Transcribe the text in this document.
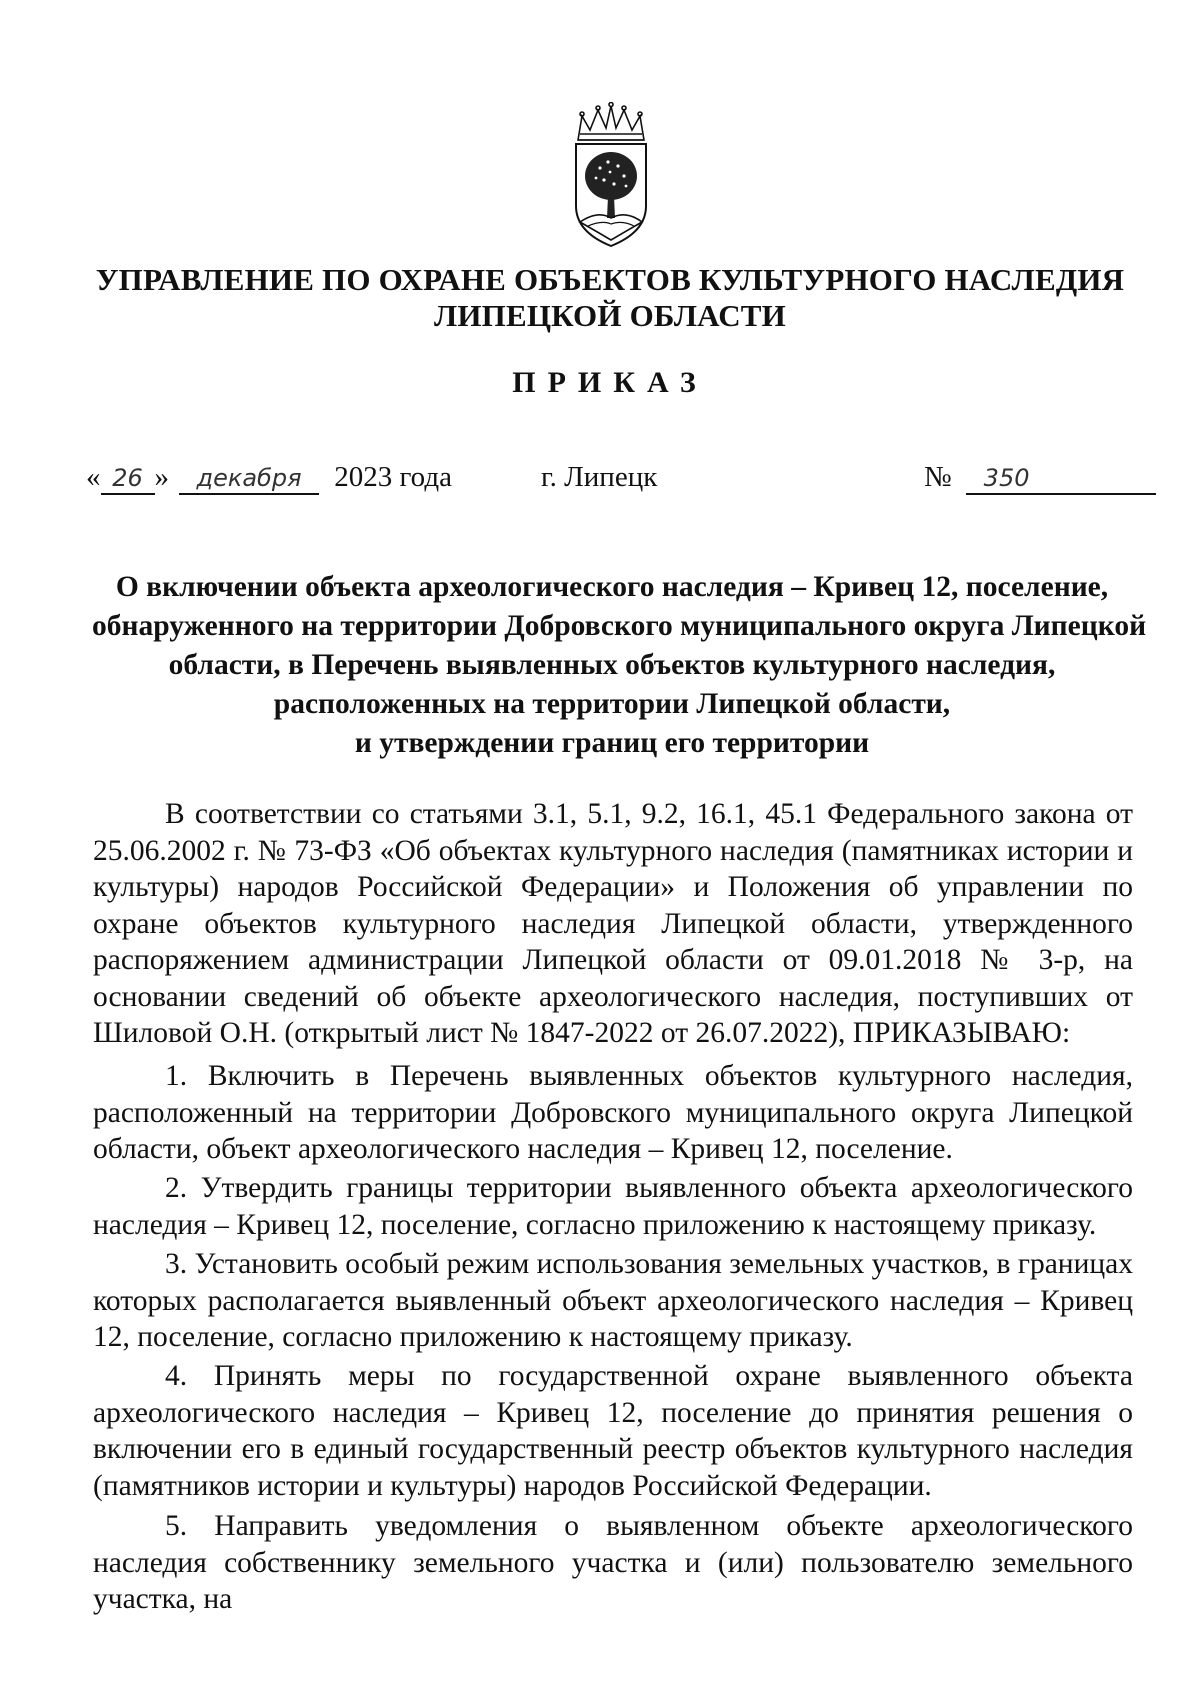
УПРАВЛЕНИЕ ПО ОХРАНЕ ОБЪЕКТОВ КУЛЬТУРНОГО НАСЛЕДИЯ
ЛИПЕЦКОЙ ОБЛАСТИ
ПРИКАЗ
« 26 » декабря 2023 года	г. Липецк	№ 350
О включении объекта археологического наследия – Кривец 12, поселение,
обнаруженного на территории Добровского муниципального округа Липецкой
области, в Перечень выявленных объектов культурного наследия,
расположенных на территории Липецкой области,
и утверждении границ его территории

В соответствии со статьями 3.1, 5.1, 9.2, 16.1, 45.1 Федерального закона от 25.06.2002 г. № 73-ФЗ «Об объектах культурного наследия (памятниках истории и культуры) народов Российской Федерации» и Положения об управлении по охране объектов культурного наследия Липецкой области, утвержденного распоряжением администрации Липецкой области от 09.01.2018 № 3-р, на основании сведений об объекте археологического наследия, поступивших от Шиловой О.Н. (открытый лист № 1847-2022 от 26.07.2022), ПРИКАЗЫВАЮ:

1. Включить в Перечень выявленных объектов культурного наследия, расположенный на территории Добровского муниципального округа Липецкой области, объект археологического наследия – Кривец 12, поселение.

2. Утвердить границы территории выявленного объекта археологического наследия – Кривец 12, поселение, согласно приложению к настоящему приказу.

3. Установить особый режим использования земельных участков, в границах которых располагается выявленный объект археологического наследия – Кривец 12, поселение, согласно приложению к настоящему приказу.

4. Принять меры по государственной охране выявленного объекта археологического наследия – Кривец 12, поселение до принятия решения о включении его в единый государственный реестр объектов культурного наследия (памятников истории и культуры) народов Российской Федерации.

5. Направить уведомления о выявленном объекте археологического наследия собственнику земельного участка и (или) пользователю земельного участка, на
